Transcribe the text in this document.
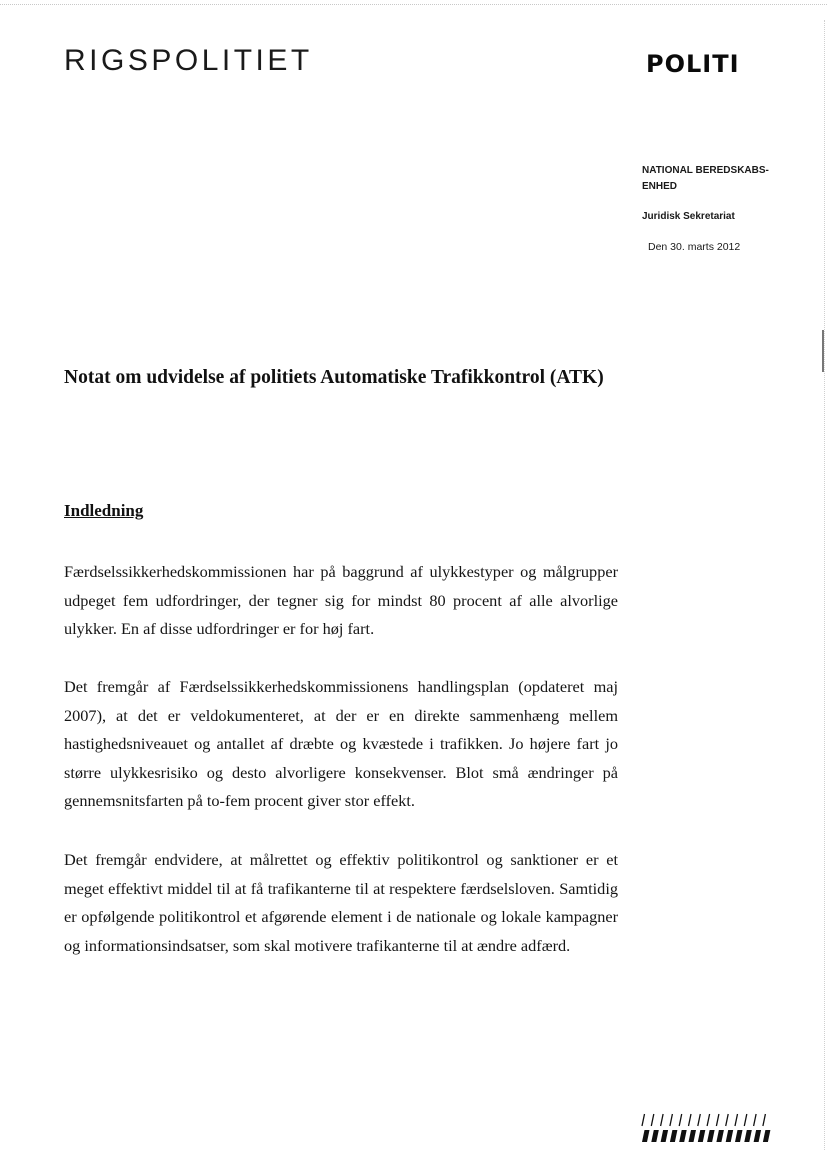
RIGSPOLITIET	POLITI
NATIONAL BEREDSKABS-ENHED
Juridisk Sekretariat
Den 30. marts 2012
Notat om udvidelse af politiets Automatiske Trafikkontrol (ATK)
Indledning

Færdselssikkerhedskommissionen har på baggrund af ulykkestyper og målgrupper udpeget fem udfordringer, der tegner sig for mindst 80 procent af alle alvorlige ulykker. En af disse udfordringer er for høj fart.

Det fremgår af Færdselssikkerhedskommissionens handlingsplan (opdateret maj 2007), at det er veldokumenteret, at der er en direkte sammenhæng mellem hastighedsniveauet og antallet af dræbte og kvæstede i trafikken. Jo højere fart jo større ulykkesrisiko og desto alvorligere konsekvenser. Blot små ændringer på gennemsnitsfarten på to-fem procent giver stor effekt.

Det fremgår endvidere, at målrettet og effektiv politikontrol og sanktioner er et meget effektivt middel til at få trafikanterne til at respektere færdselsloven. Samtidig er opfølgende politikontrol et afgørende element i de nationale og lokale kampagner og informationsindsatser, som skal motivere trafikanterne til at ændre adfærd.
